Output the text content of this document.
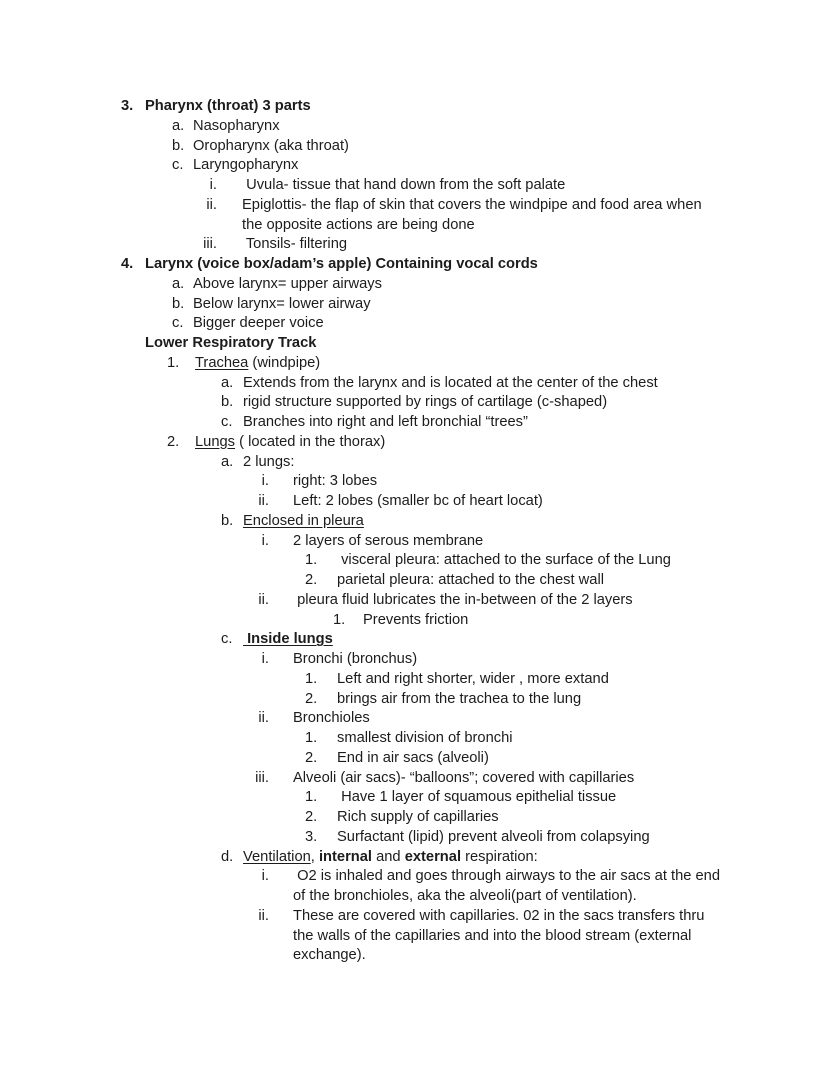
3. Pharynx (throat) 3 parts
a. Nasopharynx
b. Oropharynx (aka throat)
c. Laryngopharynx
i.	Uvula- tissue that hand down from the soft palate
ii.	Epiglottis- the flap of skin that covers the windpipe and food area when
the opposite actions are being done
iii.	Tonsils- filtering
4. Larynx (voice box/adam’s apple) Containing vocal cords
a. Above larynx= upper airways
b. Below larynx= lower airway
c. Bigger deeper voice
Lower Respiratory Track
1.	Trachea (windpipe)
a. Extends from the larynx and is located at the center of the chest
b. rigid structure supported by rings of cartilage (c-shaped)
c. Branches into right and left bronchial “trees”
2.	Lungs ( located in the thorax)
a. 2 lungs:
i.	right: 3 lobes
ii.	Left: 2 lobes (smaller bc of heart locat)
b. Enclosed in pleura
i.	2 layers of serous membrane
1.	visceral pleura: attached to the surface of the Lung
2.	parietal pleura: attached to the chest wall
ii.	pleura fluid lubricates the in-between of the 2 layers
1.	Prevents friction
c. Inside lungs
i.	Bronchi (bronchus)
1.	Left and right shorter, wider , more extand
2.	brings air from the trachea to the lung
ii.	Bronchioles
1.	smallest division of bronchi
2.	End in air sacs (alveoli)
iii.	Alveoli (air sacs)- “balloons”; covered with capillaries
1.	Have 1 layer of squamous epithelial tissue
2.	Rich supply of capillaries
3.	Surfactant (lipid) prevent alveoli from colapsying
d. Ventilation, internal and external respiration:
i.	O2 is inhaled and goes through airways to the air sacs at the end
of the bronchioles, aka the alveoli(part of ventilation).
ii.	These are covered with capillaries. 02 in the sacs transfers thru
the walls of the capillaries and into the blood stream (external
exchange).
